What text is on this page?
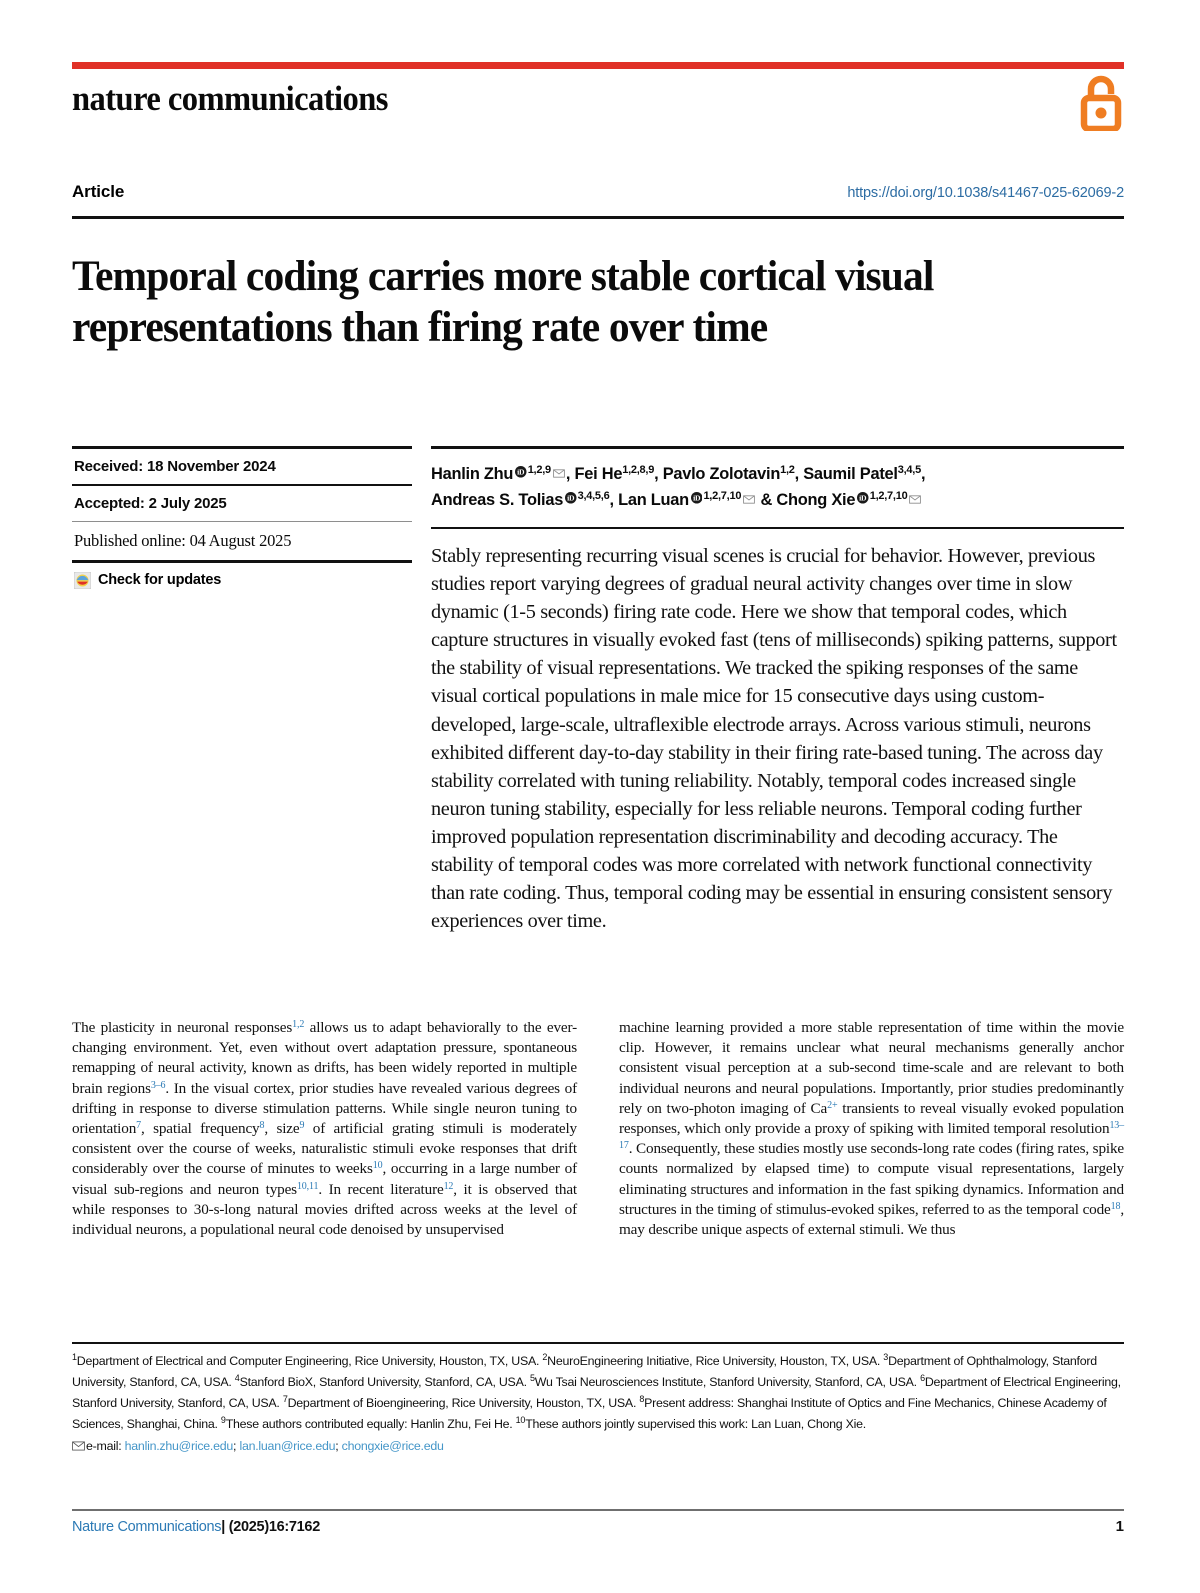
nature communications
Article	https://doi.org/10.1038/s41467-025-62069-2
Temporal coding carries more stable cortical visual representations than firing rate over time
Received: 18 November 2024
Accepted: 2 July 2025
Published online: 04 August 2025
Check for updates
Hanlin Zhu iD $^{1,2,9}$ , Fei He$^{1,2,8,9}$, Pavlo Zolotavin$^{1,2}$, Saumil Patel$^{3,4,5}$,
Andreas S. Tolias iD $^{3,4,5,6}$, Lan Luan iD $^{1,2,7,10}$ & Chong Xie iD $^{1,2,7,10}$
Stably representing recurring visual scenes is crucial for behavior. However, previous studies report varying degrees of gradual neural activity changes over time in slow dynamic (1-5 seconds) firing rate code. Here we show that temporal codes, which capture structures in visually evoked fast (tens of milliseconds) spiking patterns, support the stability of visual representations. We tracked the spiking responses of the same visual cortical populations in male mice for 15 consecutive days using custom-developed, large-scale, ultraflexible electrode arrays. Across various stimuli, neurons exhibited different day-to-day stability in their firing rate-based tuning. The across day stability correlated with tuning reliability. Notably, temporal codes increased single neuron tuning stability, especially for less reliable neurons. Temporal coding further improved population representation discriminability and decoding accuracy. The stability of temporal codes was more correlated with network functional connectivity than rate coding. Thus, temporal coding may be essential in ensuring consistent sensory experiences over time.
The plasticity in neuronal responses$^{1,2}$ allows us to adapt behaviorally to the ever-changing environment. Yet, even without overt adaptation pressure, spontaneous remapping of neural activity, known as drifts, has been widely reported in multiple brain regions$^{3-6}$. In the visual cortex, prior studies have revealed various degrees of drifting in response to diverse stimulation patterns. While single neuron tuning to orientation$^7$, spatial frequency$^8$, size$^9$ of artificial grating stimuli is moderately consistent over the course of weeks, naturalistic stimuli evoke responses that drift considerably over the course of minutes to weeks$^{10}$, occurring in a large number of visual sub-regions and neuron types$^{10,11}$. In recent literature$^{12}$, it is observed that while responses to 30-s-long natural movies drifted across weeks at the level of individual neurons, a populational neural code denoised by unsupervised
machine learning provided a more stable representation of time within the movie clip. However, it remains unclear what neural mechanisms generally anchor consistent visual perception at a sub-second time-scale and are relevant to both individual neurons and neural populations. Importantly, prior studies predominantly rely on two-photon imaging of $Ca^{2+}$ transients to reveal visually evoked population responses, which only provide a proxy of spiking with limited temporal resolution$^{13-17}$. Consequently, these studies mostly use seconds-long rate codes (firing rates, spike counts normalized by elapsed time) to compute visual representations, largely eliminating structures and information in the fast spiking dynamics. Information and structures in the timing of stimulus-evoked spikes, referred to as the temporal code$^{18}$, may describe unique aspects of external stimuli. We thus
$^1$Department of Electrical and Computer Engineering, Rice University, Houston, TX, USA. $^2$NeuroEngineering Initiative, Rice University, Houston, TX, USA. $^3$Department of Ophthalmology, Stanford University, Stanford, CA, USA. $^4$Stanford BioX, Stanford University, Stanford, CA, USA. $^5$Wu Tsai Neurosciences Institute, Stanford University, Stanford, CA, USA. $^6$Department of Electrical Engineering, Stanford University, Stanford, CA, USA. $^7$Department of Bioengineering, Rice University, Houston, TX, USA. $^8$Present address: Shanghai Institute of Optics and Fine Mechanics, Chinese Academy of Sciences, Shanghai, China. $^9$These authors contributed equally: Hanlin Zhu, Fei He. $^{10}$These authors jointly supervised this work: Lan Luan, Chong Xie.
e-mail: hanlin.zhu@rice.edu; lan.luan@rice.edu; chongxie@rice.edu
Nature Communications| (2025)16:7162	1
